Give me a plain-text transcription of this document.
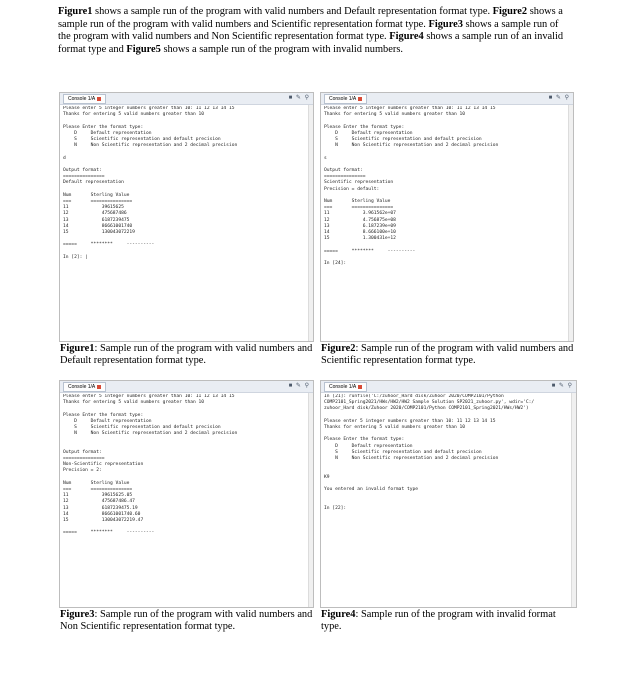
Figure1 shows a sample run of the program with valid numbers and Default representation format type. Figure2 shows a sample run of the program with valid numbers and Scientific representation format type. Figure3 shows a sample run of the program with valid numbers and Non Scientific representation format type. Figure4 shows a sample run of an invalid format type and Figure5 shows a sample run of the program with invalid numbers.

Console 1/A	■ ✎ ⚲
Please enter 5 integer numbers greater than 10: 11 12 13 14 15
Thanks for entering 5 valid numbers greater than 10

Please Enter the format type:
D     Default representation
S     Scientific representation and default precision
N     Non Scientific representation and 2 decimal precision

d

Output format:
===============
Default representation

Num       Sterling Value
===       ===============
11            39615625
12            475687486
13            6187239475
14            86661001740
15            130043072219

=====     ********     ----------

In [2]: |

Figure1: Sample run of the program with valid numbers and Default representation format type.

Console 1/A	■ ✎ ⚲
Please enter 5 integer numbers greater than 10: 11 12 13 14 15
Thanks for entering 5 valid numbers greater than 10

Please Enter the format type:
D     Default representation
S     Scientific representation and default precision
N     Non Scientific representation and 2 decimal precision

s

Output format:
===============
Scientific representation
Precision = default:

Num       Sterling Value
===       ===============
11            3.961562e+07
12            4.756875e+08
13            6.187239e+09
14            8.666100e+10
15            1.300431e+12

=====     ********     ----------

In [24]:

Figure2: Sample run of the program with valid numbers and Scientific representation format type.

Console 1/A	■ ✎ ⚲
Please enter 5 integer numbers greater than 10: 11 12 13 14 15
Thanks for entering 5 valid numbers greater than 10

Please Enter the format type:
D     Default representation
S     Scientific representation and default precision
N     Non Scientific representation and 2 decimal precision

Output format:
===============
Non-Scientific representation
Precision = 2:

Num       Sterling Value
===       ===============
11            39615625.05
12            475687486.47
13            6187239475.19
14            86661001740.60
15            130043072219.47

=====     ********     ----------

Figure3: Sample run of the program with valid numbers and Non Scientific representation format type.

Console 1/A	■ ✎ ⚲
In [21]: runfile('C:/zuhoor_Hard disk/Zuhoor 2020/COMP2101/Python
COMP2101_Spring2021/HWs/HW2/HW2 Sample Solution SP2021_zuhoor.py', wdir='C:/
zuhoor_Hard disk/Zuhoor 2020/COMP2101/Python COMP2101_Spring2021/HWs/HW2')

Please enter 5 integer numbers greater than 10: 11 12 13 14 15
Thanks for entering 5 valid numbers greater than 10

Please Enter the format type:
D     Default representation
S     Scientific representation and default precision
N     Non Scientific representation and 2 decimal precision

K9

You entered an invalid format type

In [22]:

Figure4: Sample run of the program with invalid format type.
